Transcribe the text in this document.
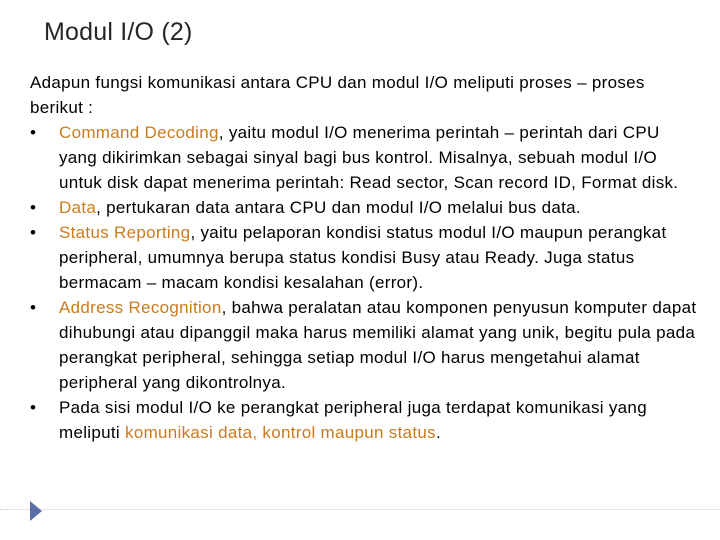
Modul I/O (2)

Adapun fungsi komunikasi antara CPU dan modul I/O meliputi proses – proses berikut :

•	Command Decoding, yaitu modul I/O menerima perintah – perintah dari CPU yang dikirimkan sebagai sinyal bagi bus kontrol. Misalnya, sebuah modul I/O untuk disk dapat menerima perintah: Read sector, Scan record ID, Format disk.
•	Data, pertukaran data antara CPU dan modul I/O melalui bus data.
•	Status Reporting, yaitu pelaporan kondisi status modul I/O maupun perangkat peripheral, umumnya berupa status kondisi Busy atau Ready. Juga status bermacam – macam kondisi kesalahan (error).
•	Address Recognition, bahwa peralatan atau komponen penyusun komputer dapat dihubungi atau dipanggil maka harus memiliki alamat yang unik, begitu pula pada perangkat peripheral, sehingga setiap modul I/O harus mengetahui alamat peripheral yang dikontrolnya.
•	Pada sisi modul I/O ke perangkat peripheral juga terdapat komunikasi yang meliputi komunikasi data, kontrol maupun status.
